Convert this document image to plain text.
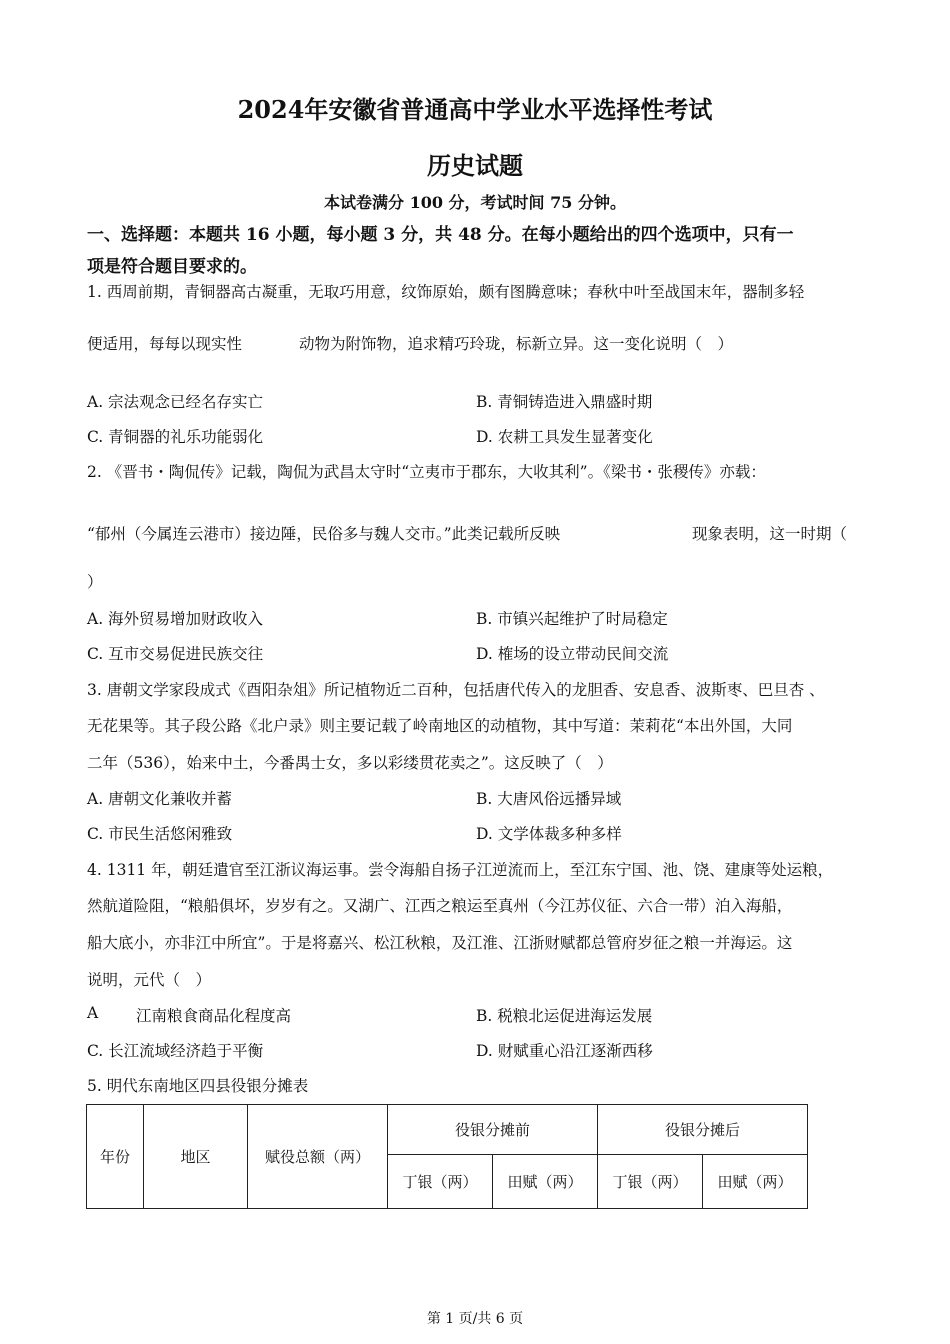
2024年安徽省普通高中学业水平选择性考试
历史试题
本试卷满分 100 分，考试时间 75 分钟。
一、选择题：本题共 16 小题，每小题 3 分，共 48 分。在每小题给出的四个选项中，只有一
项是符合题目要求的。
1. 西周前期，青铜器高古凝重，无取巧用意，纹饰原始，颇有图腾意味；春秋中叶至战国末年，器制多轻
便适用，每每以现实性	动物为附饰物，追求精巧玲珑，标新立异。这一变化说明（　）
A. 宗法观念已经名存实亡	B. 青铜铸造进入鼎盛时期
C. 青铜器的礼乐功能弱化	D. 农耕工具发生显著变化
2. 《晋书・陶侃传》记载，陶侃为武昌太守时“立夷市于郡东，大收其利”。《梁书・张稷传》亦载：
“郁州（今属连云港市）接边陲，民俗多与魏人交市。”此类记载所反映	现象表明，这一时期（
）
A. 海外贸易增加财政收入	B. 市镇兴起维护了时局稳定
C. 互市交易促进民族交往	D. 榷场的设立带动民间交流
3. 唐朝文学家段成式《酉阳杂俎》所记植物近二百种，包括唐代传入的龙胆香、安息香、波斯枣、巴旦杏 、
无花果等。其子段公路《北户录》则主要记载了岭南地区的动植物，其中写道：茉莉花“本出外国，大同
二年（536），始来中土，今番禺士女，多以彩缕贯花卖之”。这反映了（　）
A. 唐朝文化兼收并蓄	B. 大唐风俗远播异域
C. 市民生活悠闲雅致	D. 文学体裁多种多样
4. 1311 年，朝廷遣官至江浙议海运事。尝令海船自扬子江逆流而上，至江东宁国、池、饶、建康等处运粮，
然航道险阻，“粮船俱坏，岁岁有之。又湖广、江西之粮运至真州（今江苏仪征、六合一带）泊入海船，
船大底小，亦非江中所宜”。于是将嘉兴、松江秋粮，及江淮、江浙财赋都总管府岁征之粮一并海运。这
说明，元代（　）
A 江南粮食商品化程度高	B. 税粮北运促进海运发展
C. 长江流域经济趋于平衡	D. 财赋重心沿江逐渐西移
5. 明代东南地区四县役银分摊表
年份	地区	赋役总额（两）	役银分摊前		役银分摊后	
			丁银（两）	田赋（两）	丁银（两）	田赋（两）
第 1 页/共 6 页
